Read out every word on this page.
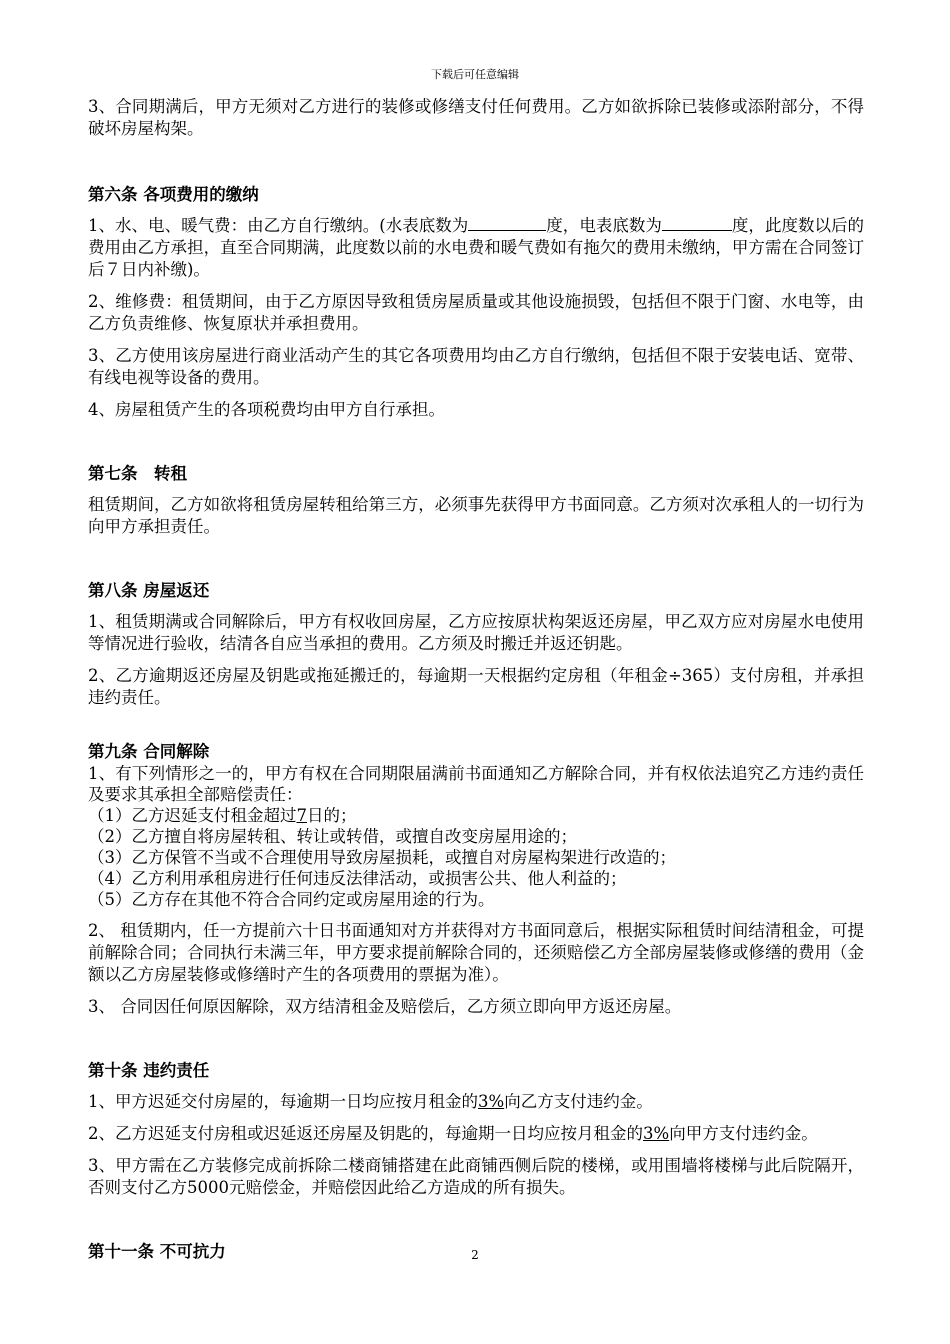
下载后可任意编辑

3、合同期满后，甲方无须对乙方进行的装修或修缮支付任何费用。乙方如欲拆除已装修或添附部分，不得破坏房屋构架。

第六条 各项费用的缴纳

1、水、电、暖气费：由乙方自行缴纳。(水表底数为	度，电表底数为	度，此度数以后的费用由乙方承担，直至合同期满，此度数以前的水电费和暖气费如有拖欠的费用未缴纳，甲方需在合同签订后７日内补缴)。

2、维修费：租赁期间，由于乙方原因导致租赁房屋质量或其他设施损毁，包括但不限于门窗、水电等，由乙方负责维修、恢复原状并承担费用。

3、乙方使用该房屋进行商业活动产生的其它各项费用均由乙方自行缴纳，包括但不限于安装电话、宽带、有线电视等设备的费用。

4、房屋租赁产生的各项税费均由甲方自行承担。

第七条　转租

租赁期间，乙方如欲将租赁房屋转租给第三方，必须事先获得甲方书面同意。乙方须对次承租人的一切行为向甲方承担责任。

第八条 房屋返还

1、租赁期满或合同解除后，甲方有权收回房屋，乙方应按原状构架返还房屋，甲乙双方应对房屋水电使用等情况进行验收，结清各自应当承担的费用。乙方须及时搬迁并返还钥匙。

2、乙方逾期返还房屋及钥匙或拖延搬迁的，每逾期一天根据约定房租（年租金÷365）支付房租，并承担违约责任。

第九条 合同解除

1、有下列情形之一的，甲方有权在合同期限届满前书面通知乙方解除合同，并有权依法追究乙方违约责任及要求其承担全部赔偿责任：

（1）乙方迟延支付租金超过7日的；

（2）乙方擅自将房屋转租、转让或转借，或擅自改变房屋用途的；

（3）乙方保管不当或不合理使用导致房屋损耗，或擅自对房屋构架进行改造的；

（4）乙方利用承租房进行任何违反法律活动，或损害公共、他人利益的；

（5）乙方存在其他不符合合同约定或房屋用途的行为。

2、 租赁期内，任一方提前六十日书面通知对方并获得对方书面同意后，根据实际租赁时间结清租金，可提前解除合同；合同执行未满三年，甲方要求提前解除合同的，还须赔偿乙方全部房屋装修或修缮的费用（金额以乙方房屋装修或修缮时产生的各项费用的票据为准）。

3、 合同因任何原因解除，双方结清租金及赔偿后，乙方须立即向甲方返还房屋。

第十条 违约责任

1、甲方迟延交付房屋的，每逾期一日均应按月租金的3%向乙方支付违约金。

2、乙方迟延支付房租或迟延返还房屋及钥匙的，每逾期一日均应按月租金的3%向甲方支付违约金。

3、甲方需在乙方装修完成前拆除二楼商铺搭建在此商铺西侧后院的楼梯，或用围墙将楼梯与此后院隔开，否则支付乙方5000元赔偿金，并赔偿因此给乙方造成的所有损失。

第十一条 不可抗力	2
